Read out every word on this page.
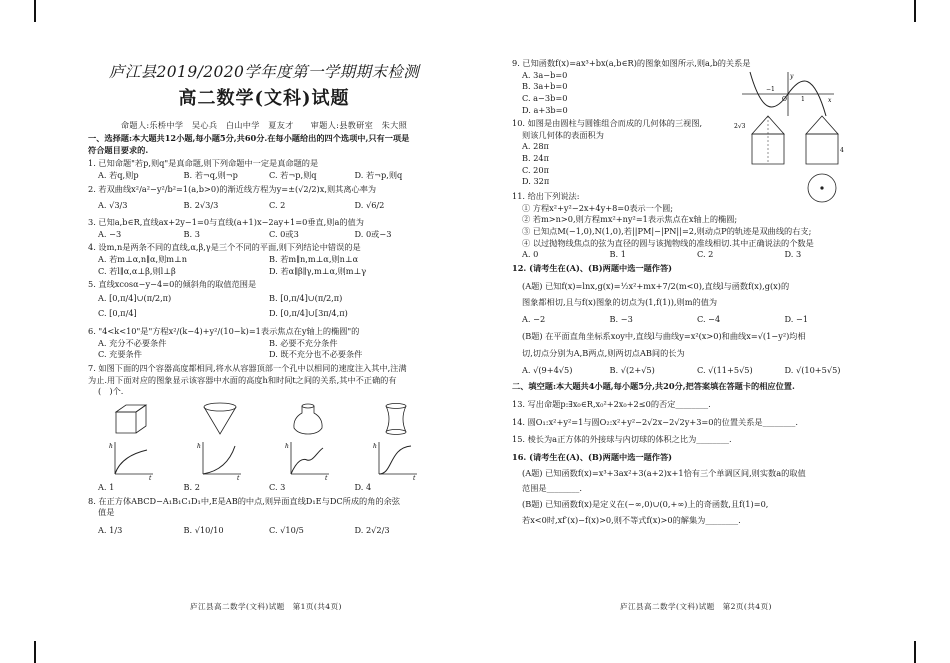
庐江县2019/2020学年度第一学期期末检测
高二数学(文科)试题
命题人:乐桥中学　吴心兵　白山中学　夏友才　　审题人:县教研室　朱大照
一、选择题:本大题共12小题,每小题5分,共60分.在每小题给出的四个选项中,只有一项是
符合题目要求的.
1. 已知命题"若p,则q"是真命题,则下列命题中一定是真命题的是
A. 若q,则p	B. 若¬q,则¬p	C. 若¬p,则q	D. 若¬p,则q
2. 若双曲线x²/a²−y²/b²=1(a,b>0)的渐近线方程为y=±(√2/2)x,则其离心率为
A. √3/3	B. 2√3/3	C. 2	D. √6/2
3. 已知a,b∈R,直线ax+2y−1=0与直线(a+1)x−2ay+1=0垂直,则a的值为
A. −3	B. 3	C. 0或3	D. 0或−3
4. 设m,n是两条不同的直线,α,β,γ是三个不同的平面,则下列结论中错误的是
A. 若m⊥α,n∥α,则m⊥n	B. 若m∥n,m⊥α,则n⊥α
C. 若l∥α,α⊥β,则l⊥β	D. 若α∥β∥γ,m⊥α,则m⊥γ
5. 直线xcosα−y−4=0的倾斜角的取值范围是
A. [0,π/4]∪(π/2,π)	B. [0,π/4]∪(π/2,π)
C. [0,π/4]	D. [0,π/4]∪[3π/4,π)
6. "4<k<10"是"方程x²/(k−4)+y²/(10−k)=1表示焦点在y轴上的椭圆"的
A. 充分不必要条件	B. 必要不充分条件
C. 充要条件	D. 既不充分也不必要条件
7. 如图下面的四个容器高度都相同,将水从容器顶部一个孔中以相同的速度注入其中,注满
为止.用下面对应的图象显示该容器中水面的高度h和时间t之间的关系,其中不正确的有
(　)个.
h
t
h
t
h
t
h
t
A. 1	B. 2	C. 3	D. 4
8. 在正方体ABCD−A₁B₁C₁D₁中,E是AB的中点,则异面直线D₁E与DC所成的角的余弦
值是
A. 1/3	B. √10/10	C. √10/5	D. 2√2/3
庐江县高二数学(文科)试题　第1页(共4页)
9. 已知函数f(x)=ax³+bx(a,b∈R)的图象如图所示,则a,b的关系是
A. 3a−b=0
B. 3a+b=0
C. a−3b=0
D. a+3b=0
y
x
−1
O 1
10. 如图是由圆柱与圆锥组合而成的几何体的三视图,
则该几何体的表面积为
A. 28π
B. 24π
C. 20π
D. 32π
2√3
4
11. 给出下列说法:
① 方程x²+y²−2x+4y+8=0表示一个圆;
② 若m>n>0,则方程mx²+ny²=1表示焦点在x轴上的椭圆;
③ 已知点M(−1,0),N(1,0),若||PM|−|PN||=2,则动点P的轨迹是双曲线的右支;
④ 以过抛物线焦点的弦为直径的圆与该抛物线的准线相切.其中正确说法的个数是
A. 0	B. 1	C. 2	D. 3
12. (请考生在(A)、(B)两题中选一题作答)
(A题) 已知f(x)=lnx,g(x)=½x²+mx+7/2(m<0),直线l与函数f(x),g(x)的
图象都相切,且与f(x)图象的切点为(1,f(1)),则m的值为
A. −2	B. −3	C. −4	D. −1
(B题) 在平面直角坐标系xoy中,直线l与曲线y=x²(x>0)和曲线x=√(1−y²)均相
切,切点分别为A,B两点,则两切点AB间的长为
A. √(9+4√5)	B. √(2+√5)	C. √(11+5√5)	D. √(10+5√5)
二、填空题:本大题共4小题,每小题5分,共20分,把答案填在答题卡的相应位置.
13. 写出命题p:∃x₀∈R,x₀²+2x₀+2≤0的否定________.
14. 圆O₁:x²+y²=1与圆O₂:x²+y²−2√2x−2√2y+3=0的位置关系是________.
15. 棱长为a正方体的外接球与内切球的体积之比为________.
16. (请考生在(A)、(B)两题中选一题作答)
(A题) 已知函数f(x)=x³+3ax²+3(a+2)x+1恰有三个单调区间,则实数a的取值
范围是________.
(B题) 已知函数f(x)是定义在(−∞,0)∪(0,+∞)上的奇函数,且f(1)=0,
若x<0时,xf′(x)−f(x)>0,则不等式f(x)>0的解集为________.
庐江县高二数学(文科)试题　第2页(共4页)
